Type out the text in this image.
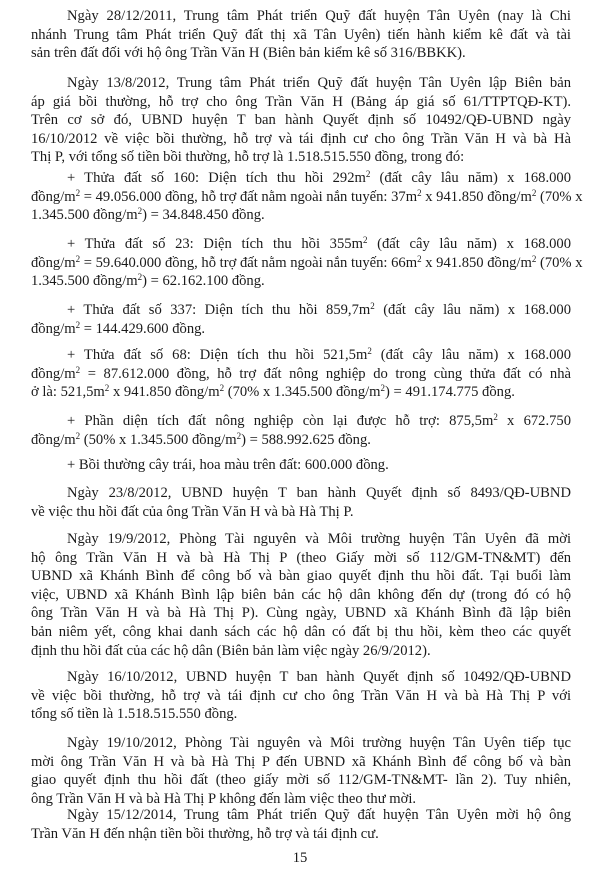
Ngày 28/12/2011, Trung tâm Phát triển Quỹ đất huyện Tân Uyên (nay là Chi
nhánh Trung tâm Phát triển Quỹ đất thị xã Tân Uyên) tiến hành kiểm kê đất và tài
sản trên đất đối với hộ ông Trần Văn H (Biên bản kiểm kê số 316/BBKK).
Ngày 13/8/2012, Trung tâm Phát triển Quỹ đất huyện Tân Uyên lập Biên bản
áp giá bồi thường, hỗ trợ cho ông Trần Văn H (Bảng áp giá số 61/TTPTQĐ-KT).
Trên cơ sở đó, UBND huyện T ban hành Quyết định số 10492/QĐ-UBND ngày
16/10/2012 về việc bồi thường, hỗ trợ và tái định cư cho ông Trần Văn H và bà Hà
Thị P, với tổng số tiền bồi thường, hỗ trợ là 1.518.515.550 đồng, trong đó:
+ Thửa đất số 160: Diện tích thu hồi $292m^2$ (đất cây lâu năm) x 168.000
đồng/$m^2 = 49.056.000$ đồng, hỗ trợ đất nằm ngoài nắn tuyến: $37m^2$ x 941.850 đồng/$m^2$ (70% x
1.345.500 đồng/$m^2) = 34.848.450$ đồng.
+ Thửa đất số 23: Diện tích thu hồi $355m^2$ (đất cây lâu năm) x 168.000
đồng/$m^2 = 59.640.000$ đồng, hỗ trợ đất nằm ngoài nắn tuyến: $66m^2$ x 941.850 đồng/$m^2$ (70% x
1.345.500 đồng/$m^2) = 62.162.100$ đồng.
+ Thửa đất số 337: Diện tích thu hồi $859,7m^2$ (đất cây lâu năm) x 168.000
đồng/$m^2 = 144.429.600$ đồng.
+ Thửa đất số 68: Diện tích thu hồi $521,5m^2$ (đất cây lâu năm) x 168.000
đồng/$m^2 = 87.612.000$ đồng, hỗ trợ đất nông nghiệp do trong cùng thửa đất có nhà
ở là: $521,5m^2$ x 941.850 đồng/$m^2$ (70% x 1.345.500 đồng/$m^2) = 491.174.775$ đồng.
+ Phần diện tích đất nông nghiệp còn lại được hỗ trợ: $875,5m^2$ x 672.750
đồng/$m^2$ (50% x 1.345.500 đồng/$m^2) = 588.992.625$ đồng.
+ Bồi thường cây trái, hoa màu trên đất: 600.000 đồng.
Ngày 23/8/2012, UBND huyện T ban hành Quyết định số 8493/QĐ-UBND
về việc thu hồi đất của ông Trần Văn H và bà Hà Thị P.
Ngày 19/9/2012, Phòng Tài nguyên và Môi trường huyện Tân Uyên đã mời
hộ ông Trần Văn H và bà Hà Thị P (theo Giấy mời số 112/GM-TN&MT) đến
UBND xã Khánh Bình để công bố và bàn giao quyết định thu hồi đất. Tại buổi làm
việc, UBND xã Khánh Bình lập biên bản các hộ dân không đến dự (trong đó có hộ
ông Trần Văn H và bà Hà Thị P). Cùng ngày, UBND xã Khánh Bình đã lập biên
bản niêm yết, công khai danh sách các hộ dân có đất bị thu hồi, kèm theo các quyết
định thu hồi đất của các hộ dân (Biên bản làm việc ngày 26/9/2012).
Ngày 16/10/2012, UBND huyện T ban hành Quyết định số 10492/QĐ-UBND
về việc bồi thường, hỗ trợ và tái định cư cho ông Trần Văn H và bà Hà Thị P với
tổng số tiền là 1.518.515.550 đồng.
Ngày 19/10/2012, Phòng Tài nguyên và Môi trường huyện Tân Uyên tiếp tục
mời ông Trần Văn H và bà Hà Thị P đến UBND xã Khánh Bình để công bố và bàn
giao quyết định thu hồi đất (theo giấy mời số 112/GM-TN&MT- lần 2). Tuy nhiên,
ông Trần Văn H và bà Hà Thị P không đến làm việc theo thư mời.
Ngày 15/12/2014, Trung tâm Phát triển Quỹ đất huyện Tân Uyên mời hộ ông
Trần Văn H đến nhận tiền bồi thường, hỗ trợ và tái định cư.
15
